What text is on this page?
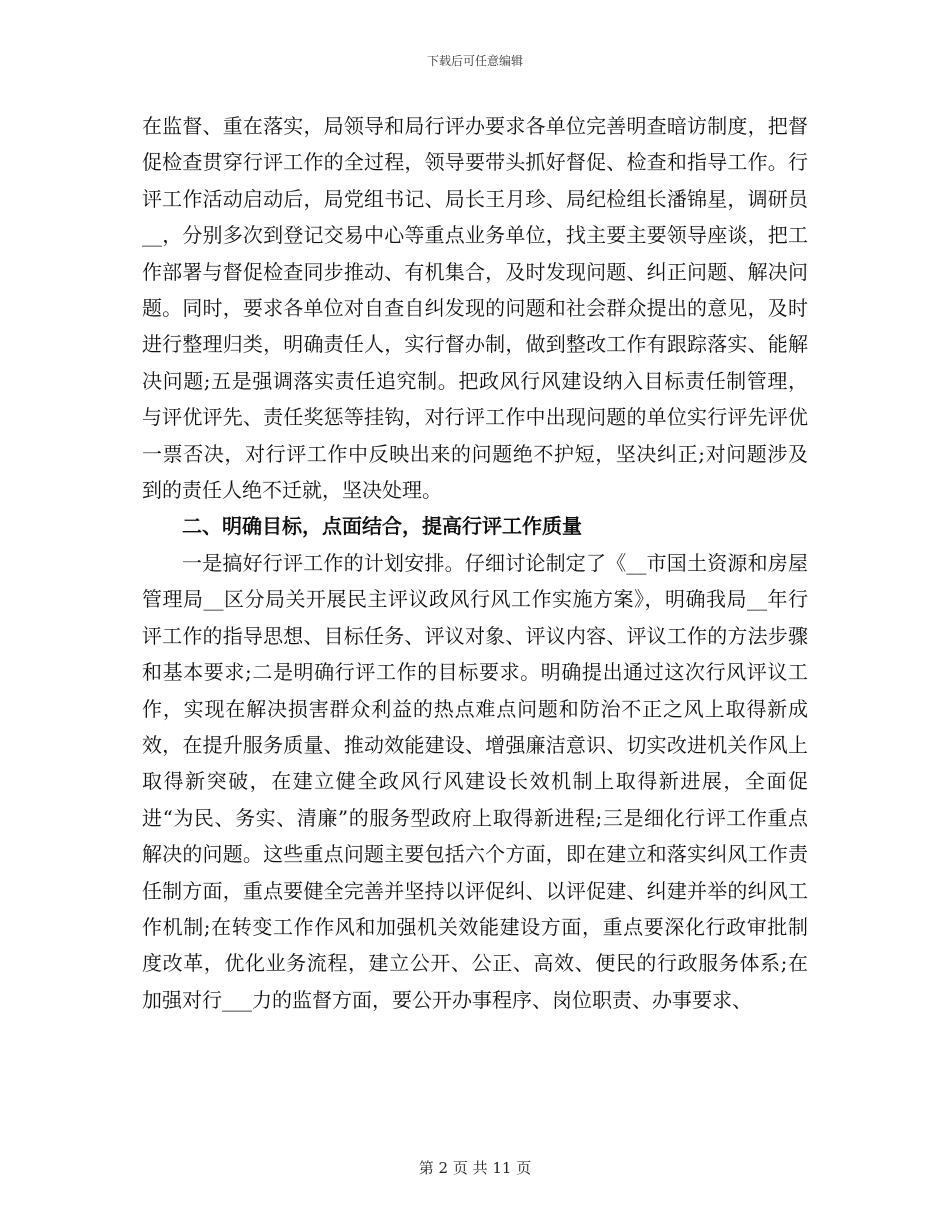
下载后可任意编辑

在监督、重在落实，局领导和局行评办要求各单位完善明查暗访制度，把督促检查贯穿行评工作的全过程，领导要带头抓好督促、检查和指导工作。行评工作活动启动后，局党组书记、局长王月珍、局纪检组长潘锦星，调研员__，分别多次到登记交易中心等重点业务单位，找主要主要领导座谈，把工作部署与督促检查同步推动、有机集合，及时发现问题、纠正问题、解决问题。同时，要求各单位对自查自纠发现的问题和社会群众提出的意见，及时进行整理归类，明确责任人，实行督办制，做到整改工作有跟踪落实、能解决问题;五是强调落实责任追究制。把政风行风建设纳入目标责任制管理，与评优评先、责任奖惩等挂钩，对行评工作中出现问题的单位实行评先评优一票否决，对行评工作中反映出来的问题绝不护短，坚决纠正;对问题涉及到的责任人绝不迁就，坚决处理。

二、明确目标，点面结合，提高行评工作质量

一是搞好行评工作的计划安排。仔细讨论制定了《__市国土资源和房屋管理局__区分局关开展民主评议政风行风工作实施方案》，明确我局__年行评工作的指导思想、目标任务、评议对象、评议内容、评议工作的方法步骤和基本要求;二是明确行评工作的目标要求。明确提出通过这次行风评议工作，实现在解决损害群众利益的热点难点问题和防治不正之风上取得新成效，在提升服务质量、推动效能建设、增强廉洁意识、切实改进机关作风上取得新突破，在建立健全政风行风建设长效机制上取得新进展，全面促进“为民、务实、清廉”的服务型政府上取得新进程;三是细化行评工作重点解决的问题。这些重点问题主要包括六个方面，即在建立和落实纠风工作责任制方面，重点要健全完善并坚持以评促纠、以评促建、纠建并举的纠风工作机制;在转变工作作风和加强机关效能建设方面，重点要深化行政审批制度改革，优化业务流程，建立公开、公正、高效、便民的行政服务体系;在加强对行___力的监督方面，要公开办事程序、岗位职责、办事要求、

第 2 页 共 11 页
